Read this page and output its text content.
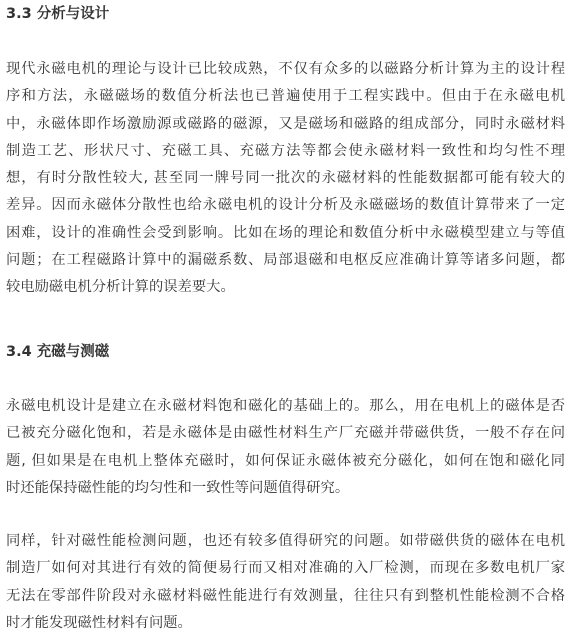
3.3 分析与设计
现代永磁电机的理论与设计已比较成熟，不仅有众多的以磁路分析计算为主的设计程
序和方法，永磁磁场的数值分析法也已普遍使用于工程实践中。但由于在永磁电机
中，永磁体即作场激励源或磁路的磁源，又是磁场和磁路的组成部分，同时永磁材料
制造工艺、形状尺寸、充磁工具、充磁方法等都会使永磁材料一致性和均匀性不理
想，有时分散性较大, 甚至同一牌号同一批次的永磁材料的性能数据都可能有较大的
差异。因而永磁体分散性也给永磁电机的设计分析及永磁磁场的数值计算带来了一定
困难，设计的准确性会受到影响。比如在场的理论和数值分析中永磁模型建立与等值
问题；在工程磁路计算中的漏磁系数、局部退磁和电枢反应准确计算等诸多问题，都
较电励磁电机分析计算的误差要大。
3.4 充磁与测磁
永磁电机设计是建立在永磁材料饱和磁化的基础上的。那么，用在电机上的磁体是否
已被充分磁化饱和，若是永磁体是由磁性材料生产厂充磁并带磁供货，一般不存在问
题, 但如果是在电机上整体充磁时，如何保证永磁体被充分磁化，如何在饱和磁化同
时还能保持磁性能的均匀性和一致性等问题值得研究。
同样，针对磁性能检测问题，也还有较多值得研究的问题。如带磁供货的磁体在电机
制造厂如何对其进行有效的简便易行而又相对准确的入厂检测，而现在多数电机厂家
无法在零部件阶段对永磁材料磁性能进行有效测量，往往只有到整机性能检测不合格
时才能发现磁性材料有问题。
